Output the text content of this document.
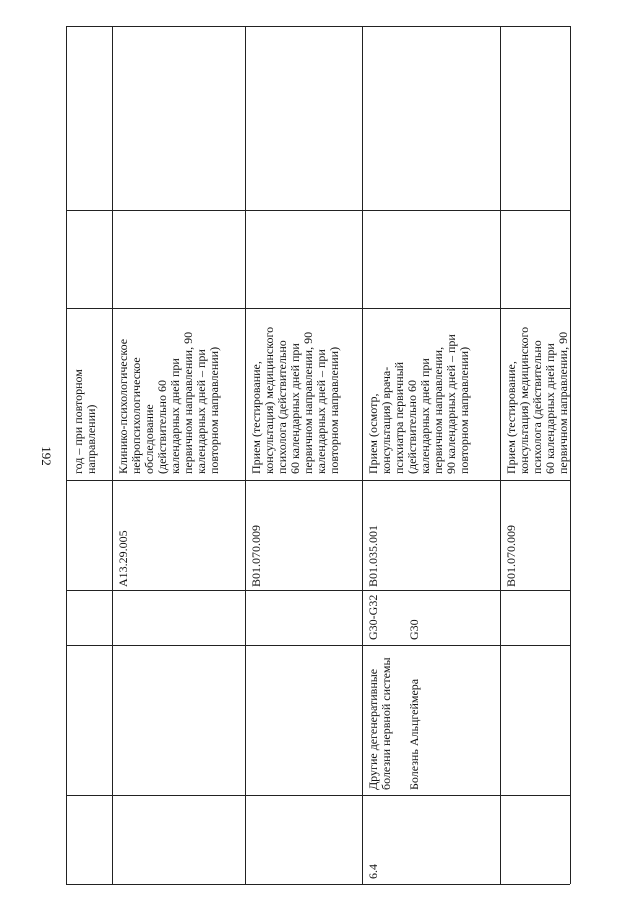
192
год – при повторном
направлении)
A13.29.005
Клинико-психологическое
нейропсихологическое
обследование
(действительно 60
календарных дней при
первичном направлении, 90
календарных дней – при
повторном направлении)
B01.070.009
Прием (тестирование,
консультация) медицинского
психолога (действительно
60 календарных дней при
первичном направлении, 90
календарных дней – при
повторном направлении)
6.4
Другие дегенеративные
болезни нервной системы Болезнь Альцгеймера
G30-G32 G30
B01.035.001
Прием (осмотр,
консультация) врача-
психиатра первичный
(действительно 60
календарных дней при
первичном направлении,
90 календарных дней – при
повторном направлении)
B01.070.009
Прием (тестирование,
консультация) медицинского
психолога (действительно
60 календарных дней при
первичном направлении, 90
